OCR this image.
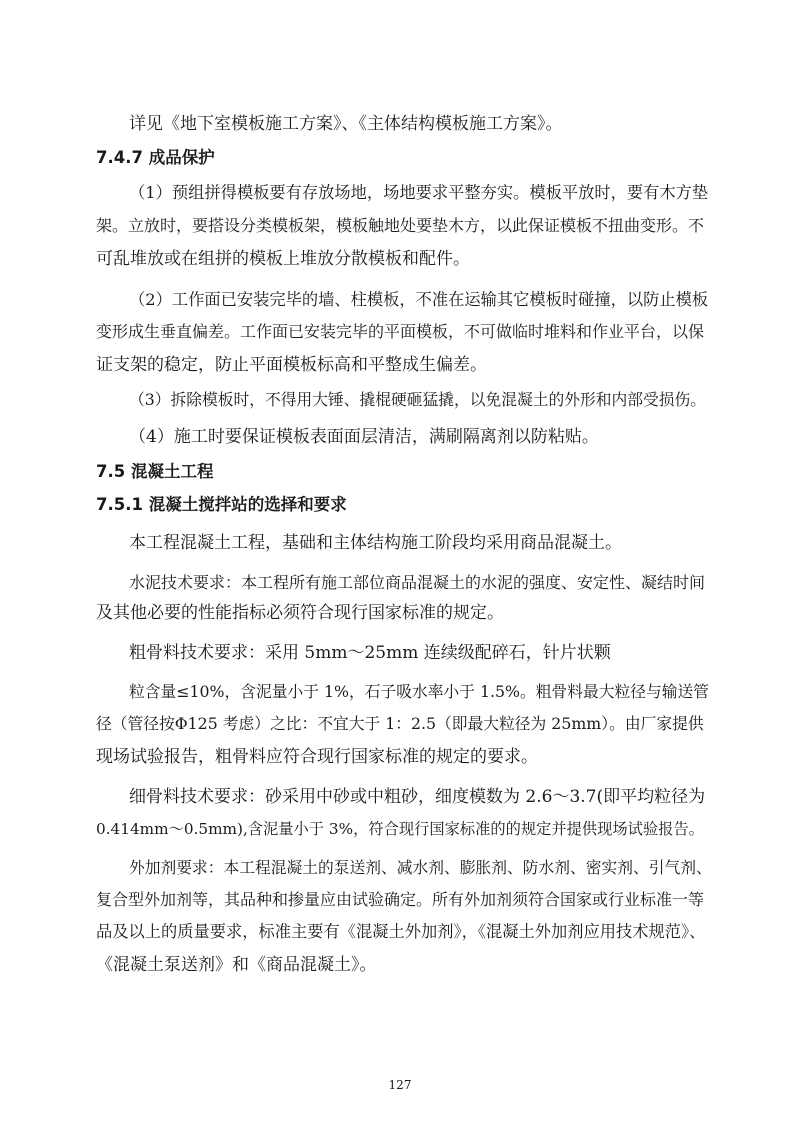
详见《地下室模板施工方案》、《主体结构模板施工方案》。
7.4.7 成品保护
（1）预组拼得模板要有存放场地，场地要求平整夯实。模板平放时，要有木方垫
架。立放时，要搭设分类模板架，模板触地处要垫木方，以此保证模板不扭曲变形。不
可乱堆放或在组拼的模板上堆放分散模板和配件。
（2）工作面已安装完毕的墙、柱模板，不准在运输其它模板时碰撞，以防止模板
变形成生垂直偏差。工作面已安装完毕的平面模板，不可做临时堆料和作业平台，以保
证支架的稳定，防止平面模板标高和平整成生偏差。
（3）拆除模板时，不得用大锤、撬棍硬砸猛撬，以免混凝土的外形和内部受损伤。
（4）施工时要保证模板表面面层清洁，满刷隔离剂以防粘贴。
7.5 混凝土工程
7.5.1 混凝土搅拌站的选择和要求
本工程混凝土工程，基础和主体结构施工阶段均采用商品混凝土。
水泥技术要求：本工程所有施工部位商品混凝土的水泥的强度、安定性、凝结时间
及其他必要的性能指标必须符合现行国家标准的规定。
粗骨料技术要求：采用 5mm～25mm 连续级配碎石，针片状颗
粒含量≤10%，含泥量小于 1%，石子吸水率小于 1.5%。粗骨料最大粒径与输送管
径（管径按Φ125 考虑）之比：不宜大于 1：2.5（即最大粒径为 25mm）。由厂家提供
现场试验报告，粗骨料应符合现行国家标准的规定的要求。
细骨料技术要求：砂采用中砂或中粗砂，细度模数为 2.6～3.7(即平均粒径为
0.414mm～0.5mm),含泥量小于 3%，符合现行国家标准的的规定并提供现场试验报告。
外加剂要求：本工程混凝土的泵送剂、减水剂、膨胀剂、防水剂、密实剂、引气剂、
复合型外加剂等，其品种和掺量应由试验确定。所有外加剂须符合国家或行业标准一等
品及以上的质量要求，标准主要有《混凝土外加剂》，《混凝土外加剂应用技术规范》、
《混凝土泵送剂》和《商品混凝土》。
127
